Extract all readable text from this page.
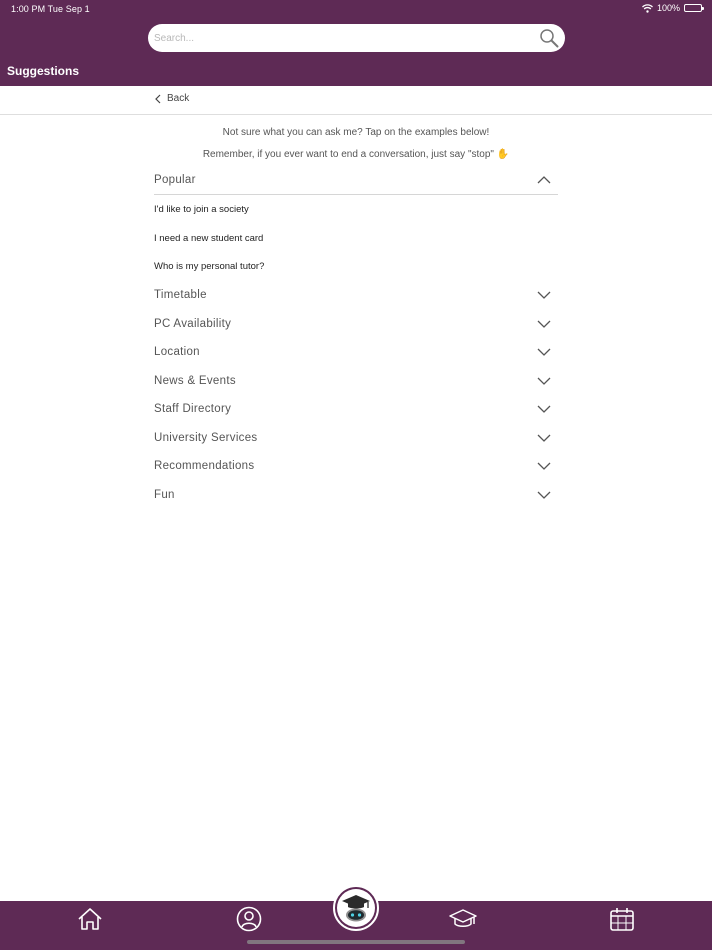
1:00 PM Tue Sep 1	100%
Search...
Suggestions
Back
Not sure what you can ask me? Tap on the examples below!
Remember, if you ever want to end a conversation, just say "stop" ✋
Popular
I'd like to join a society
I need a new student card
Who is my personal tutor?
Timetable
PC Availability
Location
News & Events
Staff Directory
University Services
Recommendations
Fun
